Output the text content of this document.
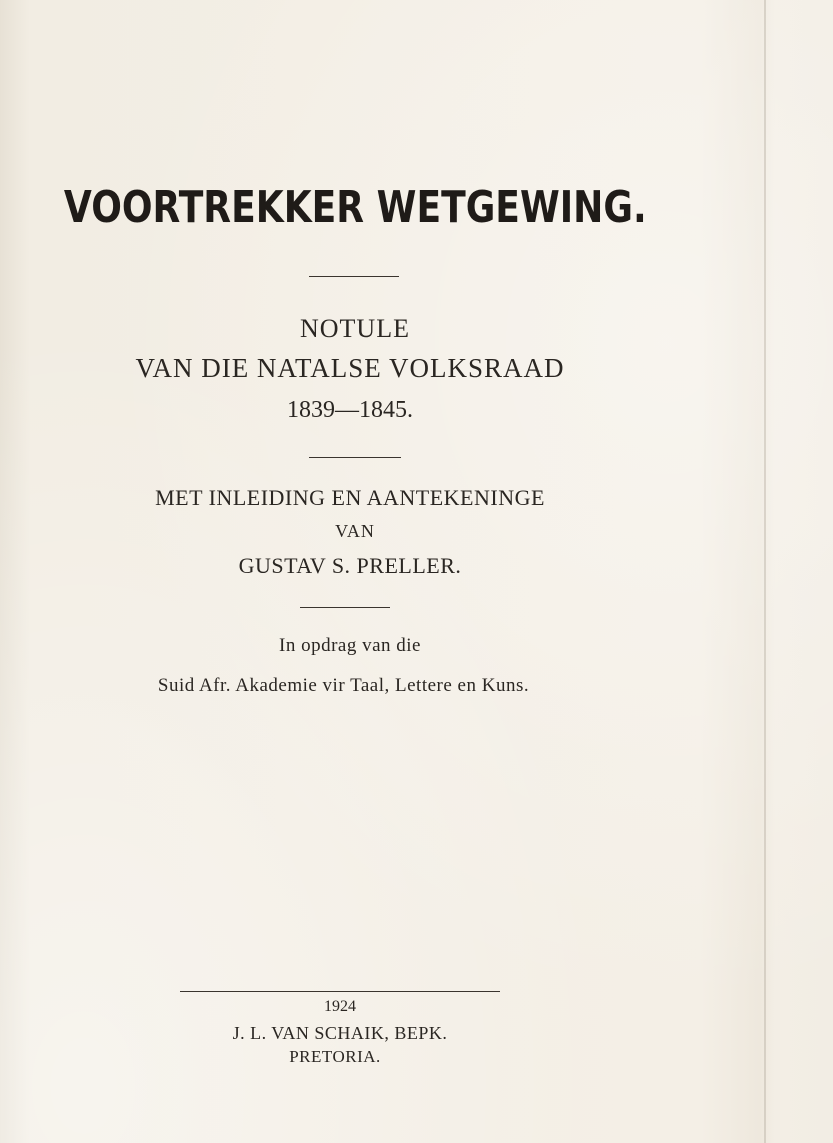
VOORTREKKER WETGEWING.
NOTULE
VAN DIE NATALSE VOLKSRAAD
1839—1845.
MET INLEIDING EN AANTEKENINGE
VAN
GUSTAV S. PRELLER.
In opdrag van die
Suid Afr. Akademie vir Taal, Lettere en Kuns.
1924
J. L. VAN SCHAIK, BEPK.
PRETORIA.
